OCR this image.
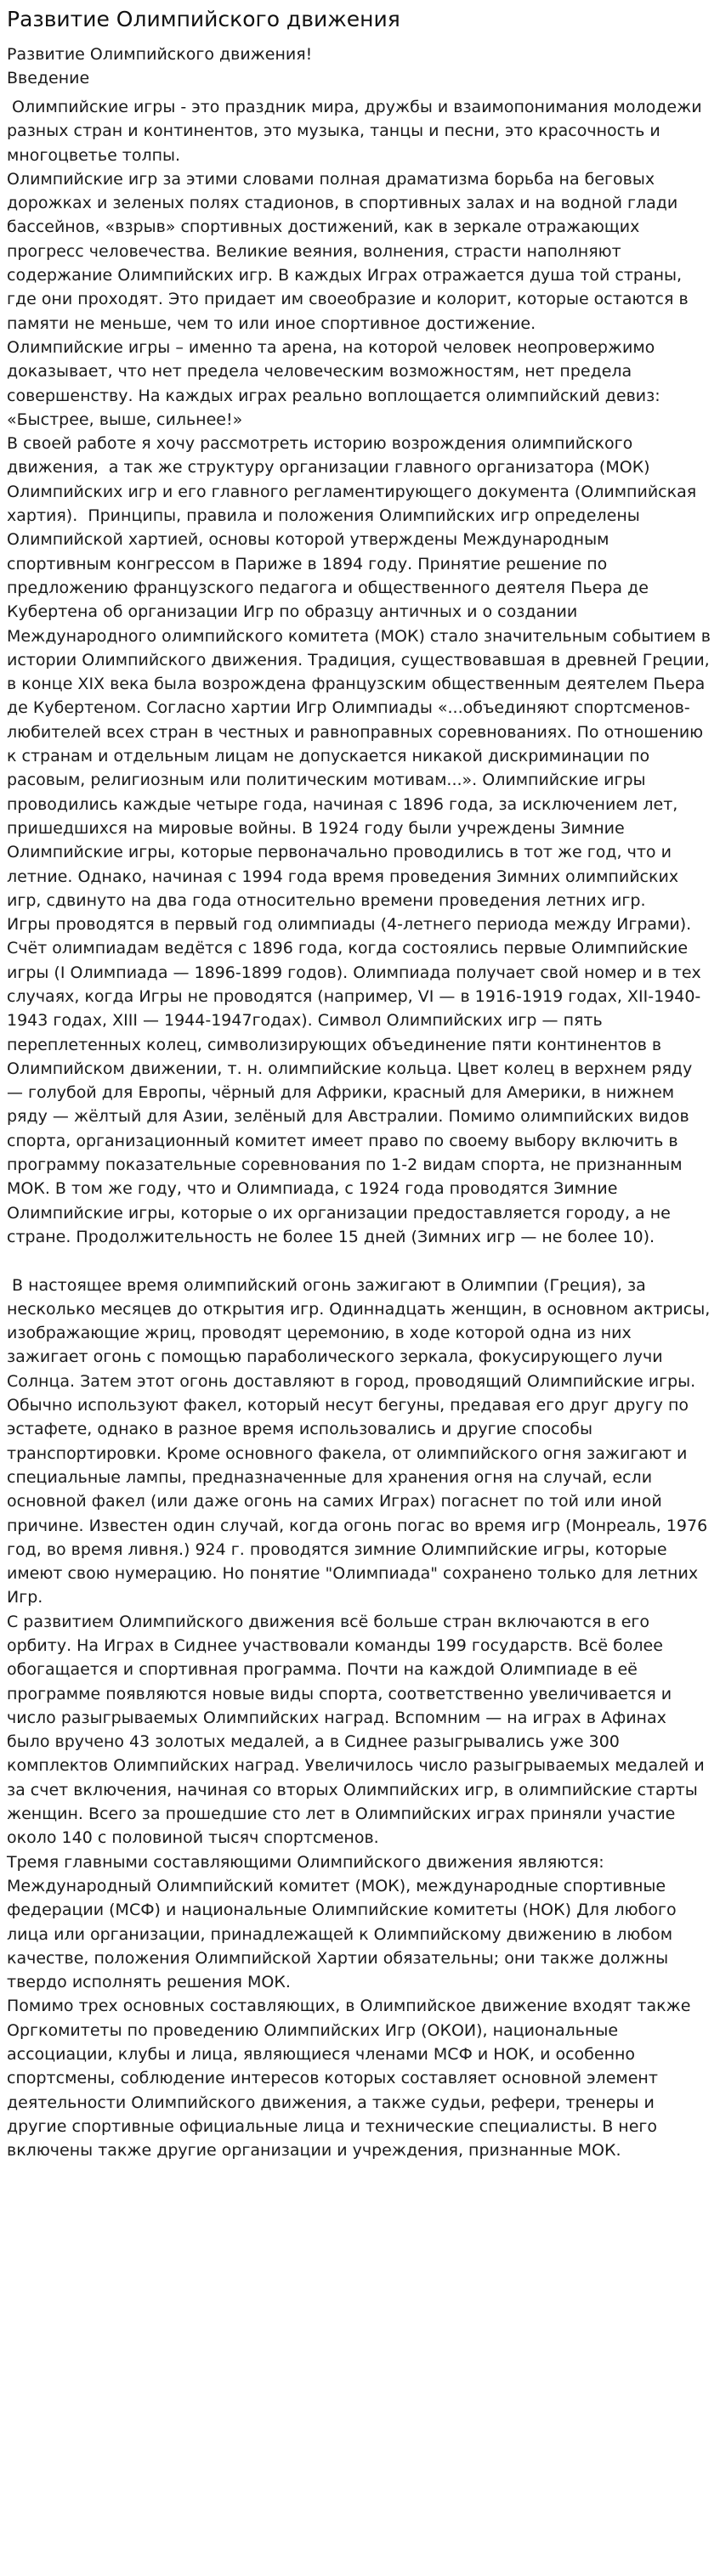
Развитие Олимпийского движения
Развитие Олимпийского движения!
Введение

Олимпийские игры - это праздник мира, дружбы и взаимопонимания молодежи разных стран и континентов, это музыка, танцы и песни, это красочность и многоцветье толпы.

Олимпийские игр за этими словами полная драматизма борьба на беговых дорожках и зеленых полях стадионов, в спортивных залах и на водной глади бассейнов, «взрыв» спортивных достижений, как в зеркале отражающих прогресс человечества. Великие веяния, волнения, страсти наполняют содержание Олимпийских игр. В каждых Играх отражается душа той страны, где они проходят. Это придает им своеобразие и колорит, которые остаются в памяти не меньше, чем то или иное спортивное достижение.

Олимпийские игры – именно та арена, на которой человек неопровержимо доказывает, что нет предела человеческим возможностям, нет предела совершенству. На каждых играх реально воплощается олимпийский девиз: «Быстрее, выше, сильнее!»

В своей работе я хочу рассмотреть историю возрождения олимпийского движения,  а так же структуру организации главного организатора (МОК) Олимпийских игр и его главного регламентирующего документа (Олимпийская хартия).  Принципы, правила и положения Олимпийских игр определены Олимпийской хартией, основы которой утверждены Международным спортивным конгрессом в Париже в 1894 году. Принятие решение по предложению французского педагога и общественного деятеля Пьера де Кубертена об организации Игр по образцу античных и о создании Международного олимпийского комитета (МОК) стало значительным событием в истории Олимпийского движения. Традиция, существовавшая в древней Греции, в конце XIX века была возрождена французским общественным деятелем Пьера де Кубертеном. Согласно хартии Игр Олимпиады «...объединяют спортсменов-любителей всех стран в честных и равноправных соревнованиях. По отношению к странам и отдельным лицам не допускается никакой дискриминации по расовым, религиозным или политическим мотивам...». Олимпийские игры проводились каждые четыре года, начиная с 1896 года, за исключением лет, пришедшихся на мировые войны. В 1924 году были учреждены Зимние Олимпийские игры, которые первоначально проводились в тот же год, что и летние. Однако, начиная с 1994 года время проведения Зимних олимпийских игр, сдвинуто на два года относительно времени проведения летних игр.

Игры проводятся в первый год олимпиады (4-летнего периода между Играми). Счёт олимпиадам ведётся с 1896 года, когда состоялись первые Олимпийские игры (I Олимпиада — 1896-1899 годов). Олимпиада получает свой номер и в тех случаях, когда Игры не проводятся (например, VI — в 1916-1919 годах, XII-1940-1943 годах, XIII — 1944-1947годах). Символ Олимпийских игр — пять переплетенных колец, символизирующих объединение пяти континентов в Олимпийском движении, т. н. олимпийские кольца. Цвет колец в верхнем ряду — голубой для Европы, чёрный для Африки, красный для Америки, в нижнем ряду — жёлтый для Азии, зелёный для Австралии. Помимо олимпийских видов спорта, организационный комитет имеет право по своему выбору включить в программу показательные соревнования по 1-2 видам спорта, не признанным МОК. В том же году, что и Олимпиада, с 1924 года проводятся Зимние Олимпийские игры, которые о их организации предоставляется городу, а не стране. Продолжительность не более 15 дней (Зимних игр — не более 10).

В настоящее время олимпийский огонь зажигают в Олимпии (Греция), за несколько месяцев до открытия игр. Одиннадцать женщин, в основном актрисы, изображающие жриц, проводят церемонию, в ходе которой одна из них зажигает огонь с помощью параболического зеркала, фокусирующего лучи Солнца. Затем этот огонь доставляют в город, проводящий Олимпийские игры. Обычно используют факел, который несут бегуны, предавая его друг другу по эстафете, однако в разное время использовались и другие способы транспортировки. Кроме основного факела, от олимпийского огня зажигают и специальные лампы, предназначенные для хранения огня на случай, если основной факел (или даже огонь на самих Играх) погаснет по той или иной причине. Известен один случай, когда огонь погас во время игр (Монреаль, 1976 год, во время ливня.) 924 г. проводятся зимние Олимпийские игры, которые имеют свою нумерацию. Но понятие "Олимпиада" сохранено только для летних Игр.

С развитием Олимпийского движения всё больше стран включаются в его орбиту. На Играх в Сиднее участвовали команды 199 государств. Всё более обогащается и спортивная программа. Почти на каждой Олимпиаде в её программе появляются новые виды спорта, соответственно увеличивается и число разыгрываемых Олимпийских наград. Вспомним — на играх в Афинах было вручено 43 золотых медалей, а в Сиднее разыгрывались уже 300 комплектов Олимпийских наград. Увеличилось число разыгрываемых медалей и за счет включения, начиная со вторых Олимпийских игр, в олимпийские старты женщин. Всего за прошедшие сто лет в Олимпийских играх приняли участие около 140 с половиной тысяч спортсменов.

Тремя главными составляющими Олимпийского движения являются: Международный Олимпийский комитет (МОК), международные спортивные федерации (МСФ) и национальные Олимпийские комитеты (НОК) Для любого лица или организации, принадлежащей к Олимпийскому движению в любом качестве, положения Олимпийской Хартии обязательны; они также должны твердо исполнять решения МОК.

Помимо трех основных составляющих, в Олимпийское движение входят также Оргкомитеты по проведению Олимпийских Игр (ОКОИ), национальные ассоциации, клубы и лица, являющиеся членами МСФ и НОК, и особенно спортсмены, соблюдение интересов которых составляет основной элемент деятельности Олимпийского движения, а также судьи, рефери, тренеры и другие спортивные официальные лица и технические специалисты. В него включены также другие организации и учреждения, признанные МОК.
